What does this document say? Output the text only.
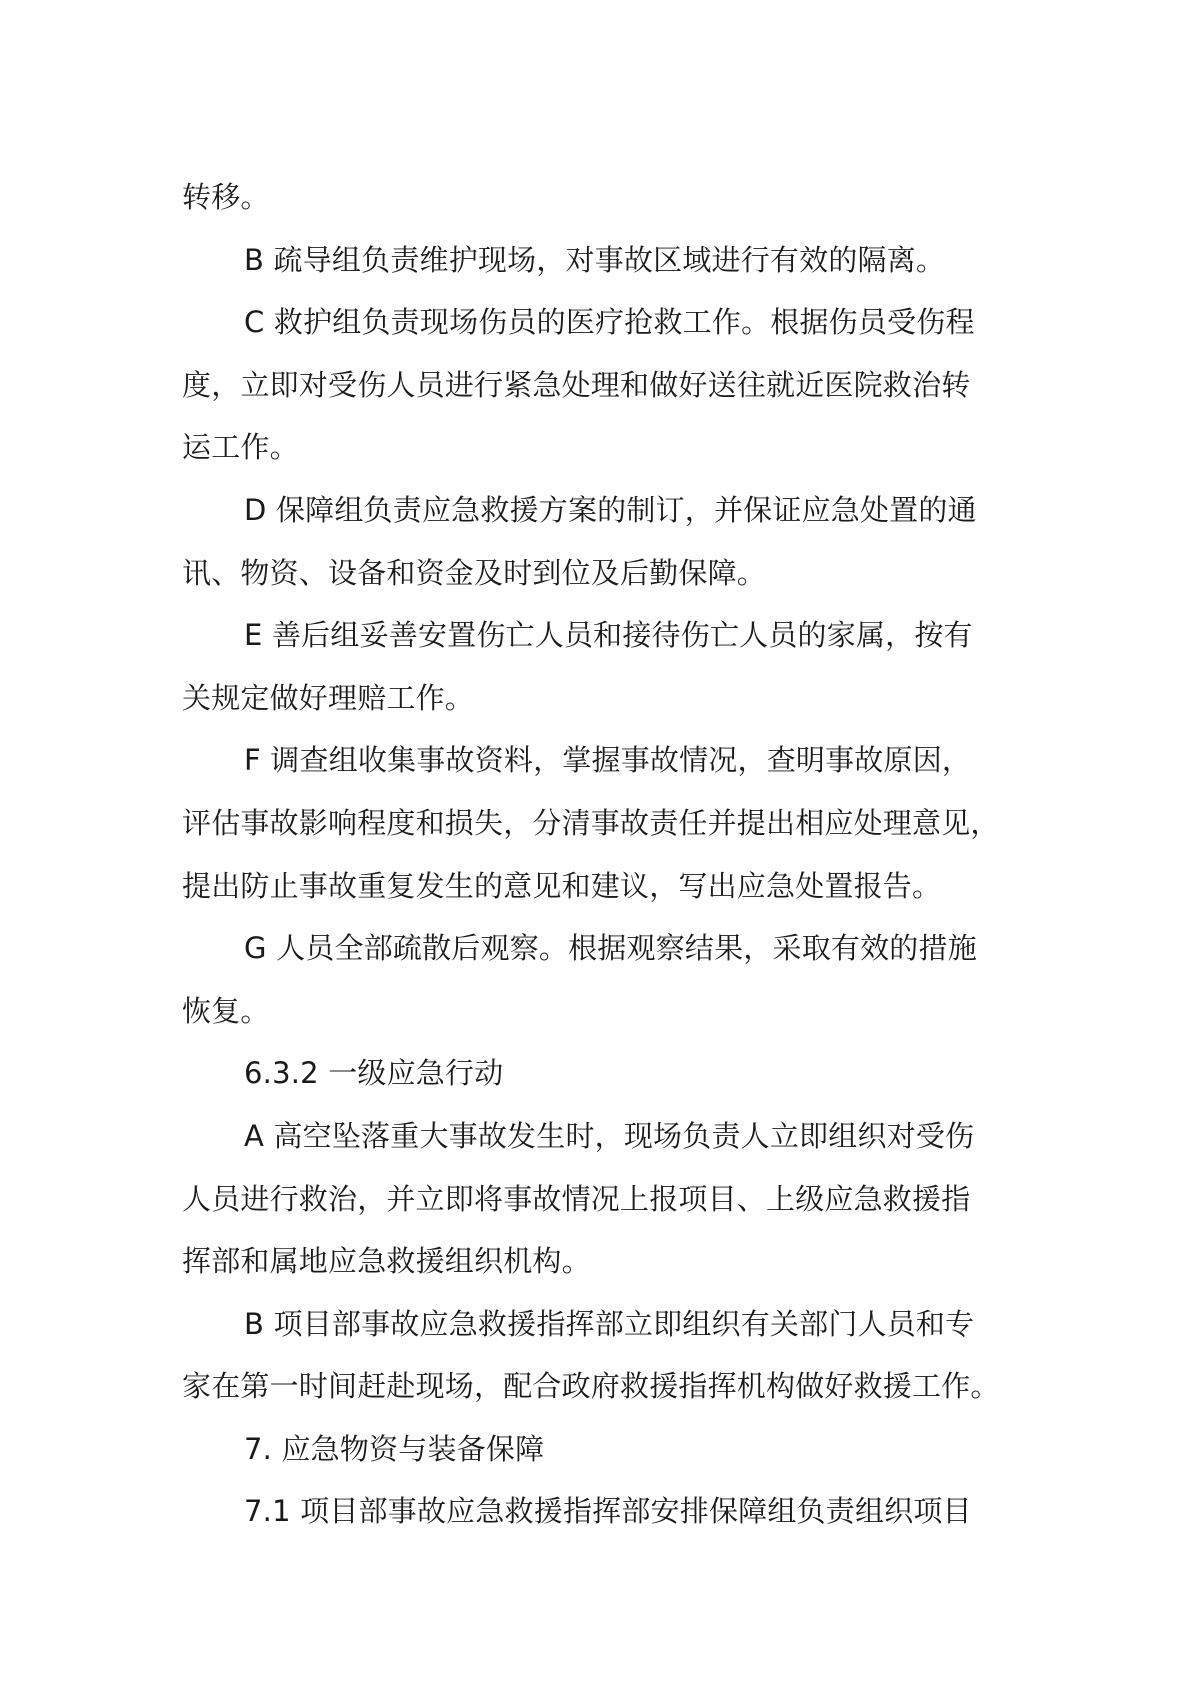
转移。
B 疏导组负责维护现场，对事故区域进行有效的隔离。
C 救护组负责现场伤员的医疗抢救工作。根据伤员受伤程
度，立即对受伤人员进行紧急处理和做好送往就近医院救治转
运工作。
D 保障组负责应急救援方案的制订，并保证应急处置的通
讯、物资、设备和资金及时到位及后勤保障。
E 善后组妥善安置伤亡人员和接待伤亡人员的家属，按有
关规定做好理赔工作。
F 调查组收集事故资料，掌握事故情况，查明事故原因，
评估事故影响程度和损失，分清事故责任并提出相应处理意见，
提出防止事故重复发生的意见和建议，写出应急处置报告。
G 人员全部疏散后观察。根据观察结果，采取有效的措施
恢复。
6.3.2 一级应急行动
A 高空坠落重大事故发生时，现场负责人立即组织对受伤
人员进行救治，并立即将事故情况上报项目、上级应急救援指
挥部和属地应急救援组织机构。
B 项目部事故应急救援指挥部立即组织有关部门人员和专
家在第一时间赶赴现场，配合政府救援指挥机构做好救援工作。
7. 应急物资与装备保障
7.1 项目部事故应急救援指挥部安排保障组负责组织项目
